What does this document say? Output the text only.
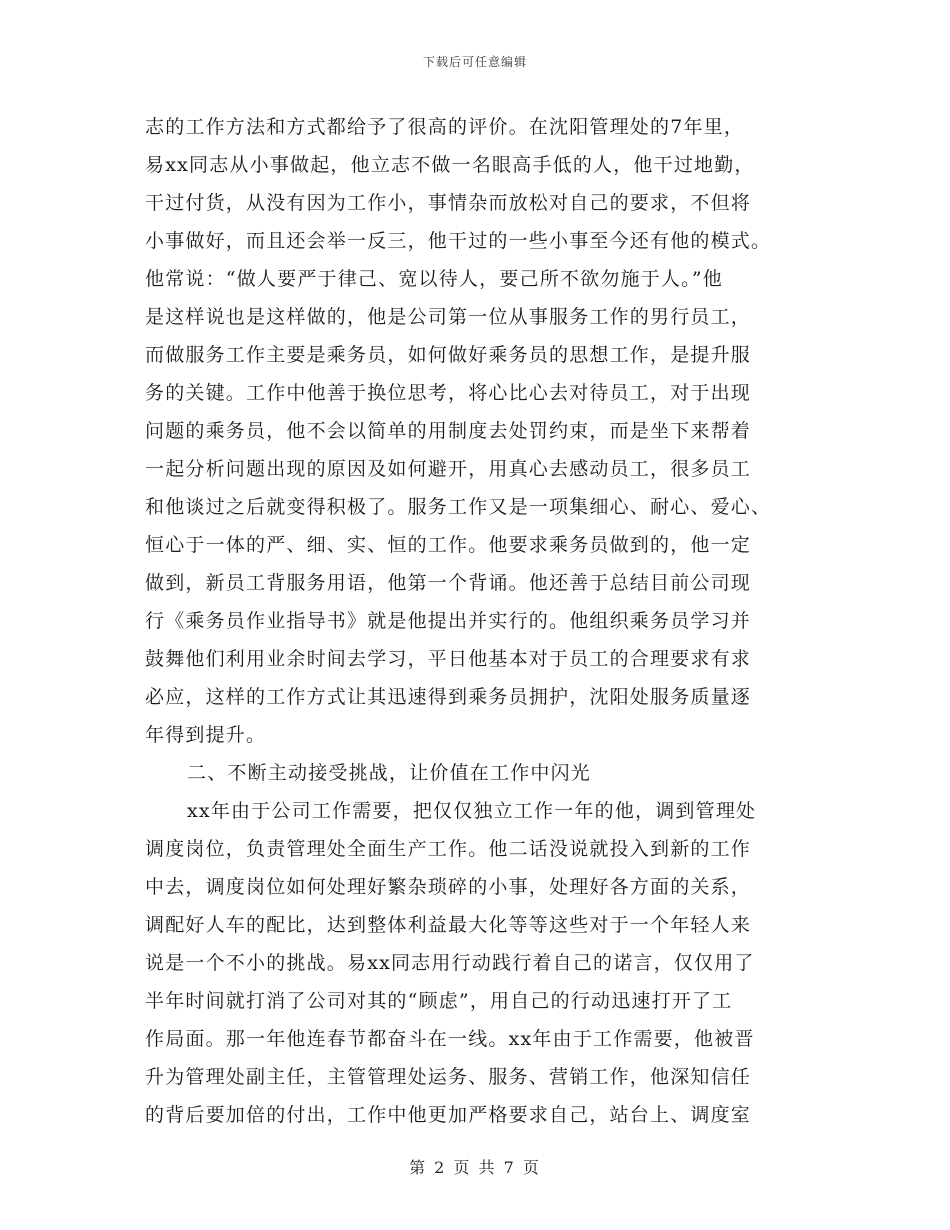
下载后可任意编辑
志的工作方法和方式都给予了很高的评价。在沈阳管理处的7年里，
易xx同志从小事做起，他立志不做一名眼高手低的人，他干过地勤，
干过付货，从没有因为工作小，事情杂而放松对自己的要求，不但将
小事做好，而且还会举一反三，他干过的一些小事至今还有他的模式。
他常说：“做人要严于律己、宽以待人，要己所不欲勿施于人。”他
是这样说也是这样做的，他是公司第一位从事服务工作的男行员工，
而做服务工作主要是乘务员，如何做好乘务员的思想工作，是提升服
务的关键。工作中他善于换位思考，将心比心去对待员工，对于出现
问题的乘务员，他不会以简单的用制度去处罚约束，而是坐下来帮着
一起分析问题出现的原因及如何避开，用真心去感动员工，很多员工
和他谈过之后就变得积极了。服务工作又是一项集细心、耐心、爱心、
恒心于一体的严、细、实、恒的工作。他要求乘务员做到的，他一定
做到，新员工背服务用语，他第一个背诵。他还善于总结目前公司现
行《乘务员作业指导书》就是他提出并实行的。他组织乘务员学习并
鼓舞他们利用业余时间去学习，平日他基本对于员工的合理要求有求
必应，这样的工作方式让其迅速得到乘务员拥护，沈阳处服务质量逐
年得到提升。
二、不断主动接受挑战，让价值在工作中闪光
xx年由于公司工作需要，把仅仅独立工作一年的他，调到管理处
调度岗位，负责管理处全面生产工作。他二话没说就投入到新的工作
中去，调度岗位如何处理好繁杂琐碎的小事，处理好各方面的关系，
调配好人车的配比，达到整体利益最大化等等这些对于一个年轻人来
说是一个不小的挑战。易xx同志用行动践行着自己的诺言，仅仅用了
半年时间就打消了公司对其的“顾虑”，用自己的行动迅速打开了工
作局面。那一年他连春节都奋斗在一线。xx年由于工作需要，他被晋
升为管理处副主任，主管管理处运务、服务、营销工作，他深知信任
的背后要加倍的付出，工作中他更加严格要求自己，站台上、调度室
第 2 页 共 7 页
